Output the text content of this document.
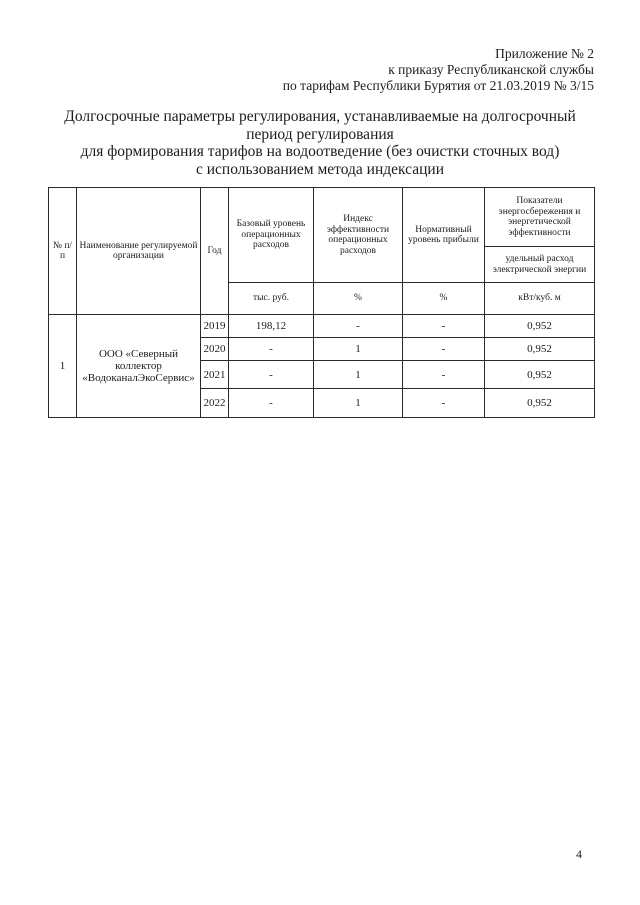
Приложение № 2
к приказу Республиканской службы
по тарифам Республики Бурятия от 21.03.2019 № 3/15
Долгосрочные параметры регулирования, устанавливаемые на долгосрочный
период регулирования
для формирования тарифов на водоотведение (без очистки сточных вод)
с использованием метода индексации
№ п/п	Наименование регулируемой организации	Год	Базовый уровень операционных расходов	Индекс эффективности операционных расходов	Нормативный уровень прибыли	Показатели энергосбережения и энергетической эффективности
						удельный расход электрической энергии
			тыс. руб.	%	%	кВт/куб. м
1	ООО «Северный коллектор «ВодоканалЭкоСервис»	2019	198,12	-	-	0,952
		2020	-	1	-	0,952
		2021	-	1	-	0,952
		2022	-	1	-	0,952
4
